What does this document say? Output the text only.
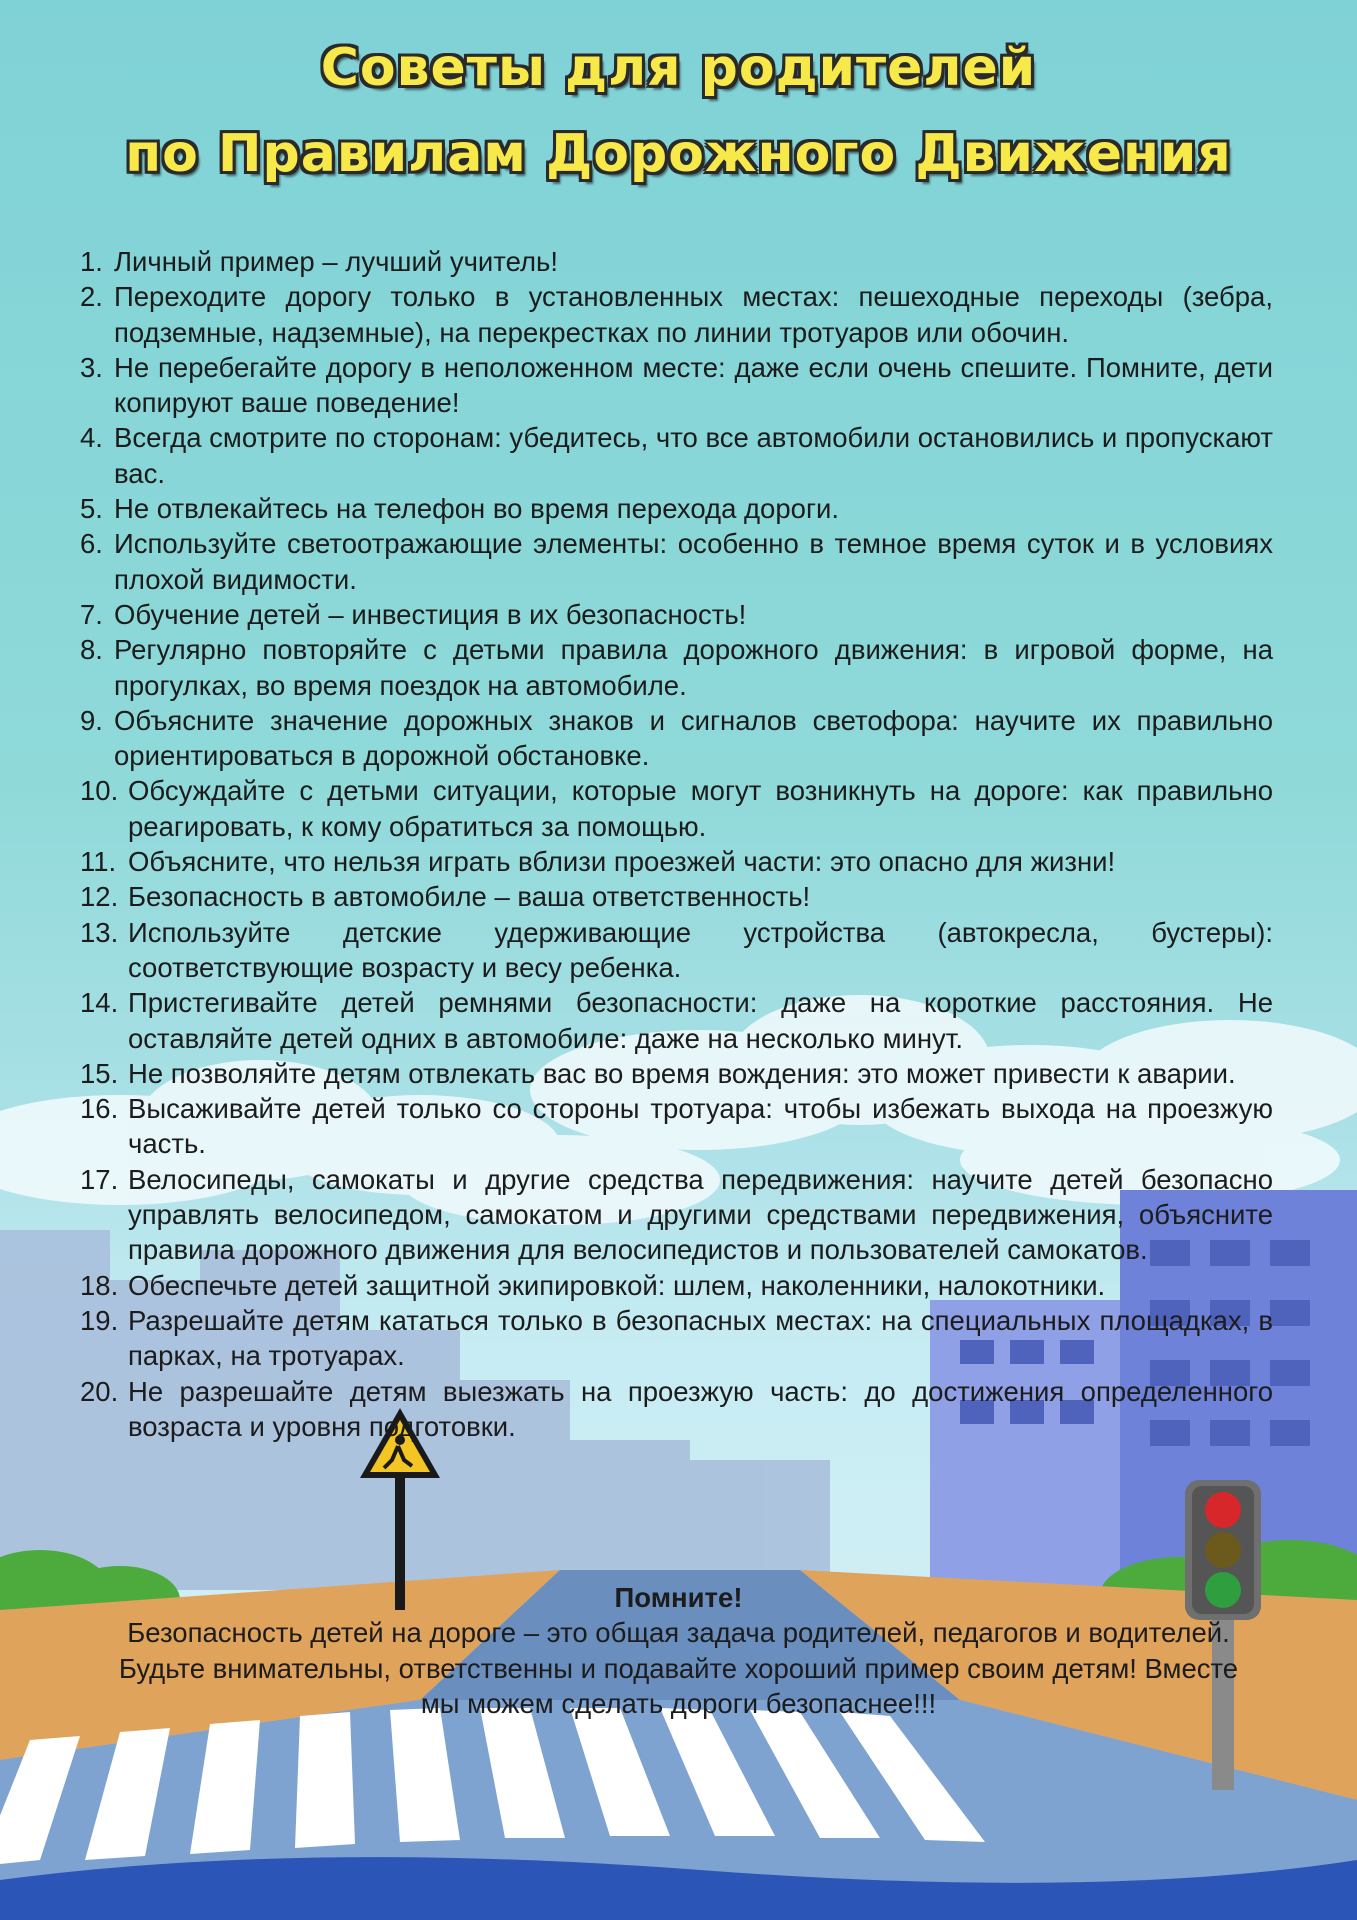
Советы для родителей
по Правилам Дорожного Движения
1. Личный пример – лучший учитель!
2. Переходите дорогу только в установленных местах: пешеходные переходы (зебра, подземные, надземные), на перекрестках по линии тротуаров или обочин.
3. Не перебегайте дорогу в неположенном месте: даже если очень спешите. Помните, дети копируют ваше поведение!
4. Всегда смотрите по сторонам: убедитесь, что все автомобили остановились и пропускают вас.
5. Не отвлекайтесь на телефон во время перехода дороги.
6. Используйте светоотражающие элементы: особенно в темное время суток и в условиях плохой видимости.
7. Обучение детей – инвестиция в их безопасность!
8. Регулярно повторяйте с детьми правила дорожного движения: в игровой форме, на прогулках, во время поездок на автомобиле.
9. Объясните значение дорожных знаков и сигналов светофора: научите их правильно ориентироваться в дорожной обстановке.
10. Обсуждайте с детьми ситуации, которые могут возникнуть на дороге: как правильно реагировать, к кому обратиться за помощью.
11. Объясните, что нельзя играть вблизи проезжей части: это опасно для жизни!
12. Безопасность в автомобиле – ваша ответственность!
13. Используйте детские удерживающие устройства (автокресла, бустеры): соответствующие возрасту и весу ребенка.
14. Пристегивайте детей ремнями безопасности: даже на короткие расстояния. Не оставляйте детей одних в автомобиле: даже на несколько минут.
15. Не позволяйте детям отвлекать вас во время вождения: это может привести к аварии.
16. Высаживайте детей только со стороны тротуара: чтобы избежать выхода на проезжую часть.
17. Велосипеды, самокаты и другие средства передвижения: научите детей безопасно управлять велосипедом, самокатом и другими средствами передвижения, объясните правила дорожного движения для велосипедистов и пользователей самокатов.
18. Обеспечьте детей защитной экипировкой: шлем, наколенники, налокотники.
19. Разрешайте детям кататься только в безопасных местах: на специальных площадках, в парках, на тротуарах.
20. Не разрешайте детям выезжать на проезжую часть: до достижения определенного возраста и уровня подготовки.
Помните!
Безопасность детей на дороге – это общая задача родителей, педагогов и водителей. Будьте внимательны, ответственны и подавайте хороший пример своим детям! Вместе мы можем сделать дороги безопаснее!!!
